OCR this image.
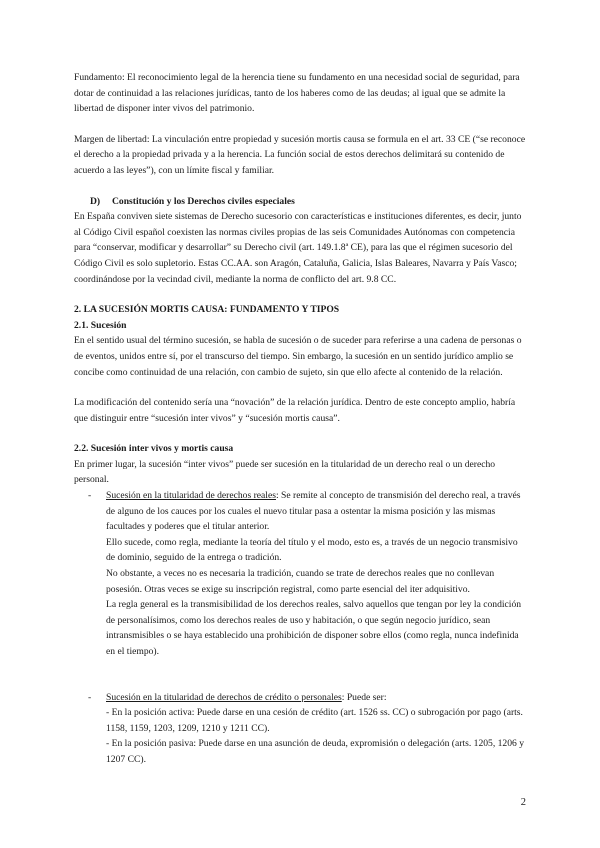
Fundamento: El reconocimiento legal de la herencia tiene su fundamento en una necesidad social de seguridad, para dotar de continuidad a las relaciones jurídicas, tanto de los haberes como de las deudas; al igual que se admite la libertad de disponer inter vivos del patrimonio.

Margen de libertad: La vinculación entre propiedad y sucesión mortis causa se formula en el art. 33 CE (“se reconoce el derecho a la propiedad privada y a la herencia. La función social de estos derechos delimitará su contenido de acuerdo a las leyes”), con un límite fiscal y familiar.

D) Constitución y los Derechos civiles especiales

En España conviven siete sistemas de Derecho sucesorio con características e instituciones diferentes, es decir, junto al Código Civil español coexisten las normas civiles propias de las seis Comunidades Autónomas con competencia para “conservar, modificar y desarrollar” su Derecho civil (art. 149.1.8ª CE), para las que el régimen sucesorio del Código Civil es solo supletorio. Estas CC.AA. son Aragón, Cataluña, Galicia, Islas Baleares, Navarra y País Vasco; coordinándose por la vecindad civil, mediante la norma de conflicto del art. 9.8 CC.

2. LA SUCESIÓN MORTIS CAUSA: FUNDAMENTO Y TIPOS

2.1. Sucesión

En el sentido usual del término sucesión, se habla de sucesión o de suceder para referirse a una cadena de personas o de eventos, unidos entre sí, por el transcurso del tiempo. Sin embargo, la sucesión en un sentido jurídico amplio se concibe como continuidad de una relación, con cambio de sujeto, sin que ello afecte al contenido de la relación.

La modificación del contenido sería una “novación” de la relación jurídica. Dentro de este concepto amplio, habría que distinguir entre “sucesión inter vivos” y “sucesión mortis causa”.

2.2. Sucesión inter vivos y mortis causa

En primer lugar, la sucesión “inter vivos” puede ser sucesión en la titularidad de un derecho real o un derecho personal.

- Sucesión en la titularidad de derechos reales: Se remite al concepto de transmisión del derecho real, a través de alguno de los cauces por los cuales el nuevo titular pasa a ostentar la misma posición y las mismas facultades y poderes que el titular anterior.

Ello sucede, como regla, mediante la teoría del título y el modo, esto es, a través de un negocio transmisivo de dominio, seguido de la entrega o tradición.

No obstante, a veces no es necesaria la tradición, cuando se trate de derechos reales que no conllevan posesión. Otras veces se exige su inscripción registral, como parte esencial del iter adquisitivo.

La regla general es la transmisibilidad de los derechos reales, salvo aquellos que tengan por ley la condición de personalísimos, como los derechos reales de uso y habitación, o que según negocio jurídico, sean intransmisibles o se haya establecido una prohibición de disponer sobre ellos (como regla, nunca indefinida en el tiempo).

- Sucesión en la titularidad de derechos de crédito o personales: Puede ser:

- En la posición activa: Puede darse en una cesión de crédito (art. 1526 ss. CC) o subrogación por pago (arts. 1158, 1159, 1203, 1209, 1210 y 1211 CC).

- En la posición pasiva: Puede darse en una asunción de deuda, expromisión o delegación (arts. 1205, 1206 y 1207 CC).

2
